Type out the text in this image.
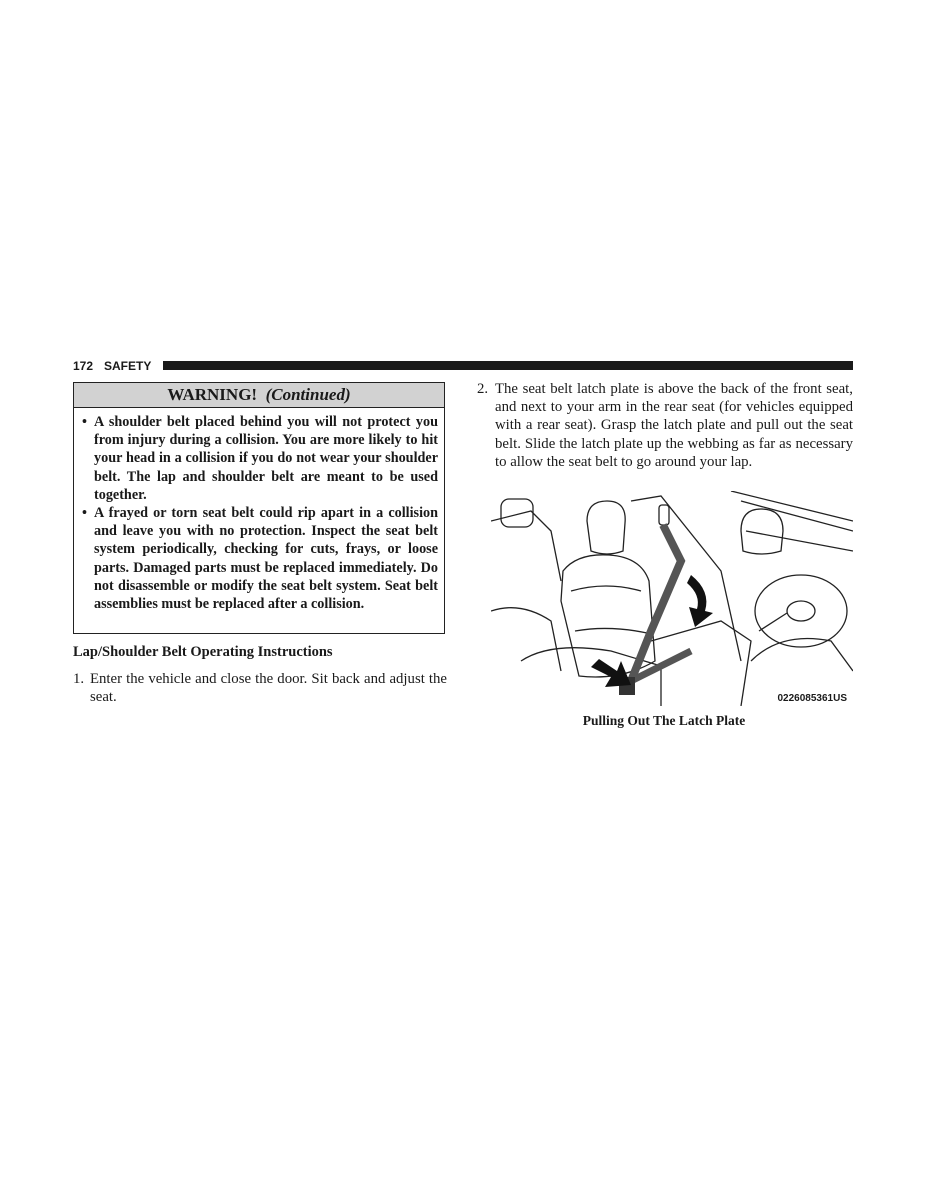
172 SAFETY
WARNING! (Continued)
• A shoulder belt placed behind you will not protect you from injury during a collision. You are more likely to hit your head in a collision if you do not wear your shoulder belt. The lap and shoulder belt are meant to be used together.
• A frayed or torn seat belt could rip apart in a collision and leave you with no protection. Inspect the seat belt system periodically, checking for cuts, frays, or loose parts. Damaged parts must be replaced immediately. Do not disassemble or modify the seat belt system. Seat belt assemblies must be replaced after a collision.
Lap/Shoulder Belt Operating Instructions
1. Enter the vehicle and close the door. Sit back and adjust the seat.
2. The seat belt latch plate is above the back of the front seat, and next to your arm in the rear seat (for vehicles equipped with a rear seat). Grasp the latch plate and pull out the seat belt. Slide the latch plate up the webbing as far as necessary to allow the seat belt to go around your lap.
0226085361US
Pulling Out The Latch Plate
